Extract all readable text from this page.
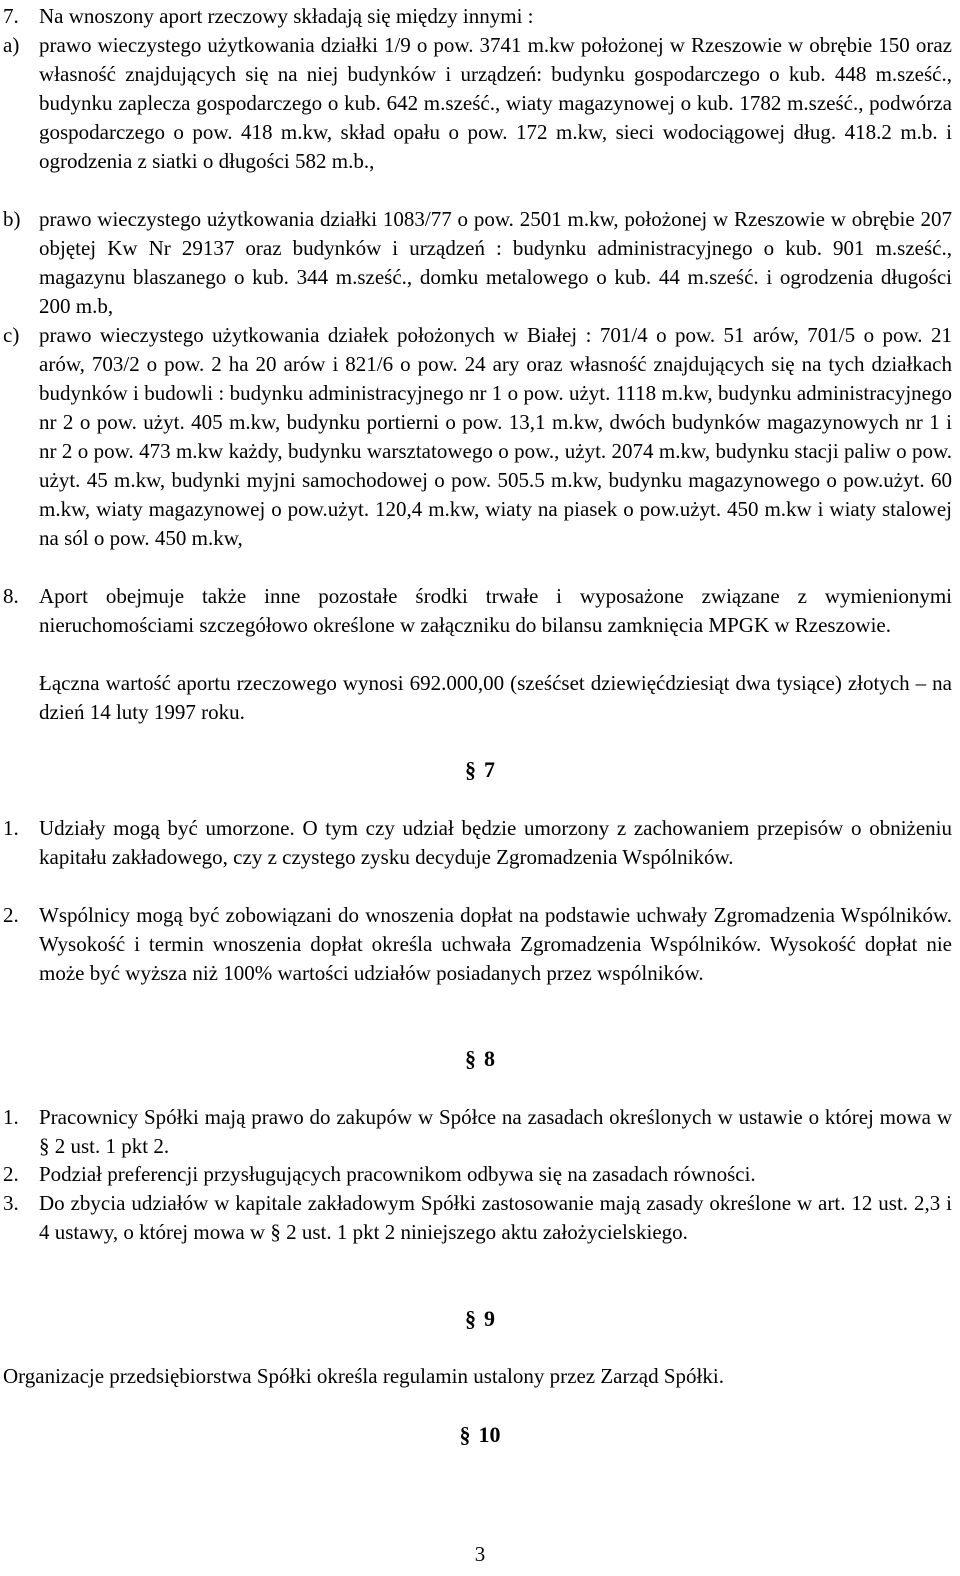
7. Na wnoszony aport rzeczowy składają się między innymi :
a) prawo wieczystego użytkowania działki 1/9 o pow. 3741 m.kw położonej w Rzeszowie w obrębie 150 oraz własność znajdujących się na niej budynków i urządzeń: budynku gospodarczego o kub. 448 m.sześć., budynku zaplecza gospodarczego o kub. 642 m.sześć., wiaty magazynowej o kub. 1782 m.sześć., podwórza gospodarczego o pow. 418 m.kw, skład opału o pow. 172 m.kw, sieci wodociągowej dług. 418.2 m.b. i ogrodzenia z siatki o długości 582 m.b.,
b) prawo wieczystego użytkowania działki 1083/77 o pow. 2501 m.kw, położonej w Rzeszowie w obrębie 207 objętej Kw Nr 29137 oraz budynków i urządzeń : budynku administracyjnego o kub. 901 m.sześć., magazynu blaszanego o kub. 344 m.sześć., domku metalowego o kub. 44 m.sześć. i ogrodzenia długości 200 m.b,
c) prawo wieczystego użytkowania działek położonych w Białej : 701/4 o pow. 51 arów, 701/5 o pow. 21 arów, 703/2 o pow. 2 ha 20 arów i 821/6 o pow. 24 ary oraz własność znajdujących się na tych działkach budynków i budowli : budynku administracyjnego nr 1 o pow. użyt. 1118 m.kw, budynku administracyjnego nr 2 o pow. użyt. 405 m.kw, budynku portierni o pow. 13,1 m.kw, dwóch budynków magazynowych nr 1 i nr 2 o pow. 473 m.kw każdy, budynku warsztatowego o pow., użyt. 2074 m.kw, budynku stacji paliw o pow. użyt. 45 m.kw, budynki myjni samochodowej o pow. 505.5 m.kw, budynku magazynowego o pow.użyt. 60 m.kw, wiaty magazynowej o pow.użyt. 120,4 m.kw, wiaty na piasek o pow.użyt. 450 m.kw i wiaty stalowej na sól o pow. 450 m.kw,
8. Aport obejmuje także inne pozostałe środki trwałe i wyposażone związane z wymienionymi nieruchomościami szczegółowo określone w załączniku do bilansu zamknięcia MPGK w Rzeszowie.
Łączna wartość aportu rzeczowego wynosi 692.000,00 (sześćset dziewięćdziesiąt dwa tysiące) złotych – na dzień 14 luty 1997 roku.
§ 7
1. Udziały mogą być umorzone. O tym czy udział będzie umorzony z zachowaniem przepisów o obniżeniu kapitału zakładowego, czy z czystego zysku decyduje Zgromadzenia Wspólników.
2. Wspólnicy mogą być zobowiązani do wnoszenia dopłat na podstawie uchwały Zgromadzenia Wspólników. Wysokość i termin wnoszenia dopłat określa uchwała Zgromadzenia Wspólników. Wysokość dopłat nie może być wyższa niż 100% wartości udziałów posiadanych przez wspólników.
§ 8
1. Pracownicy Spółki mają prawo do zakupów w Spółce na zasadach określonych w ustawie o której mowa w § 2 ust. 1 pkt 2.
2. Podział preferencji przysługujących pracownikom odbywa się na zasadach równości.
3. Do zbycia udziałów w kapitale zakładowym Spółki zastosowanie mają zasady określone w art. 12 ust. 2,3 i 4 ustawy, o której mowa w § 2 ust. 1 pkt 2 niniejszego aktu założycielskiego.
§ 9
Organizacje przedsiębiorstwa Spółki określa regulamin ustalony przez Zarząd Spółki.
§ 10
3
